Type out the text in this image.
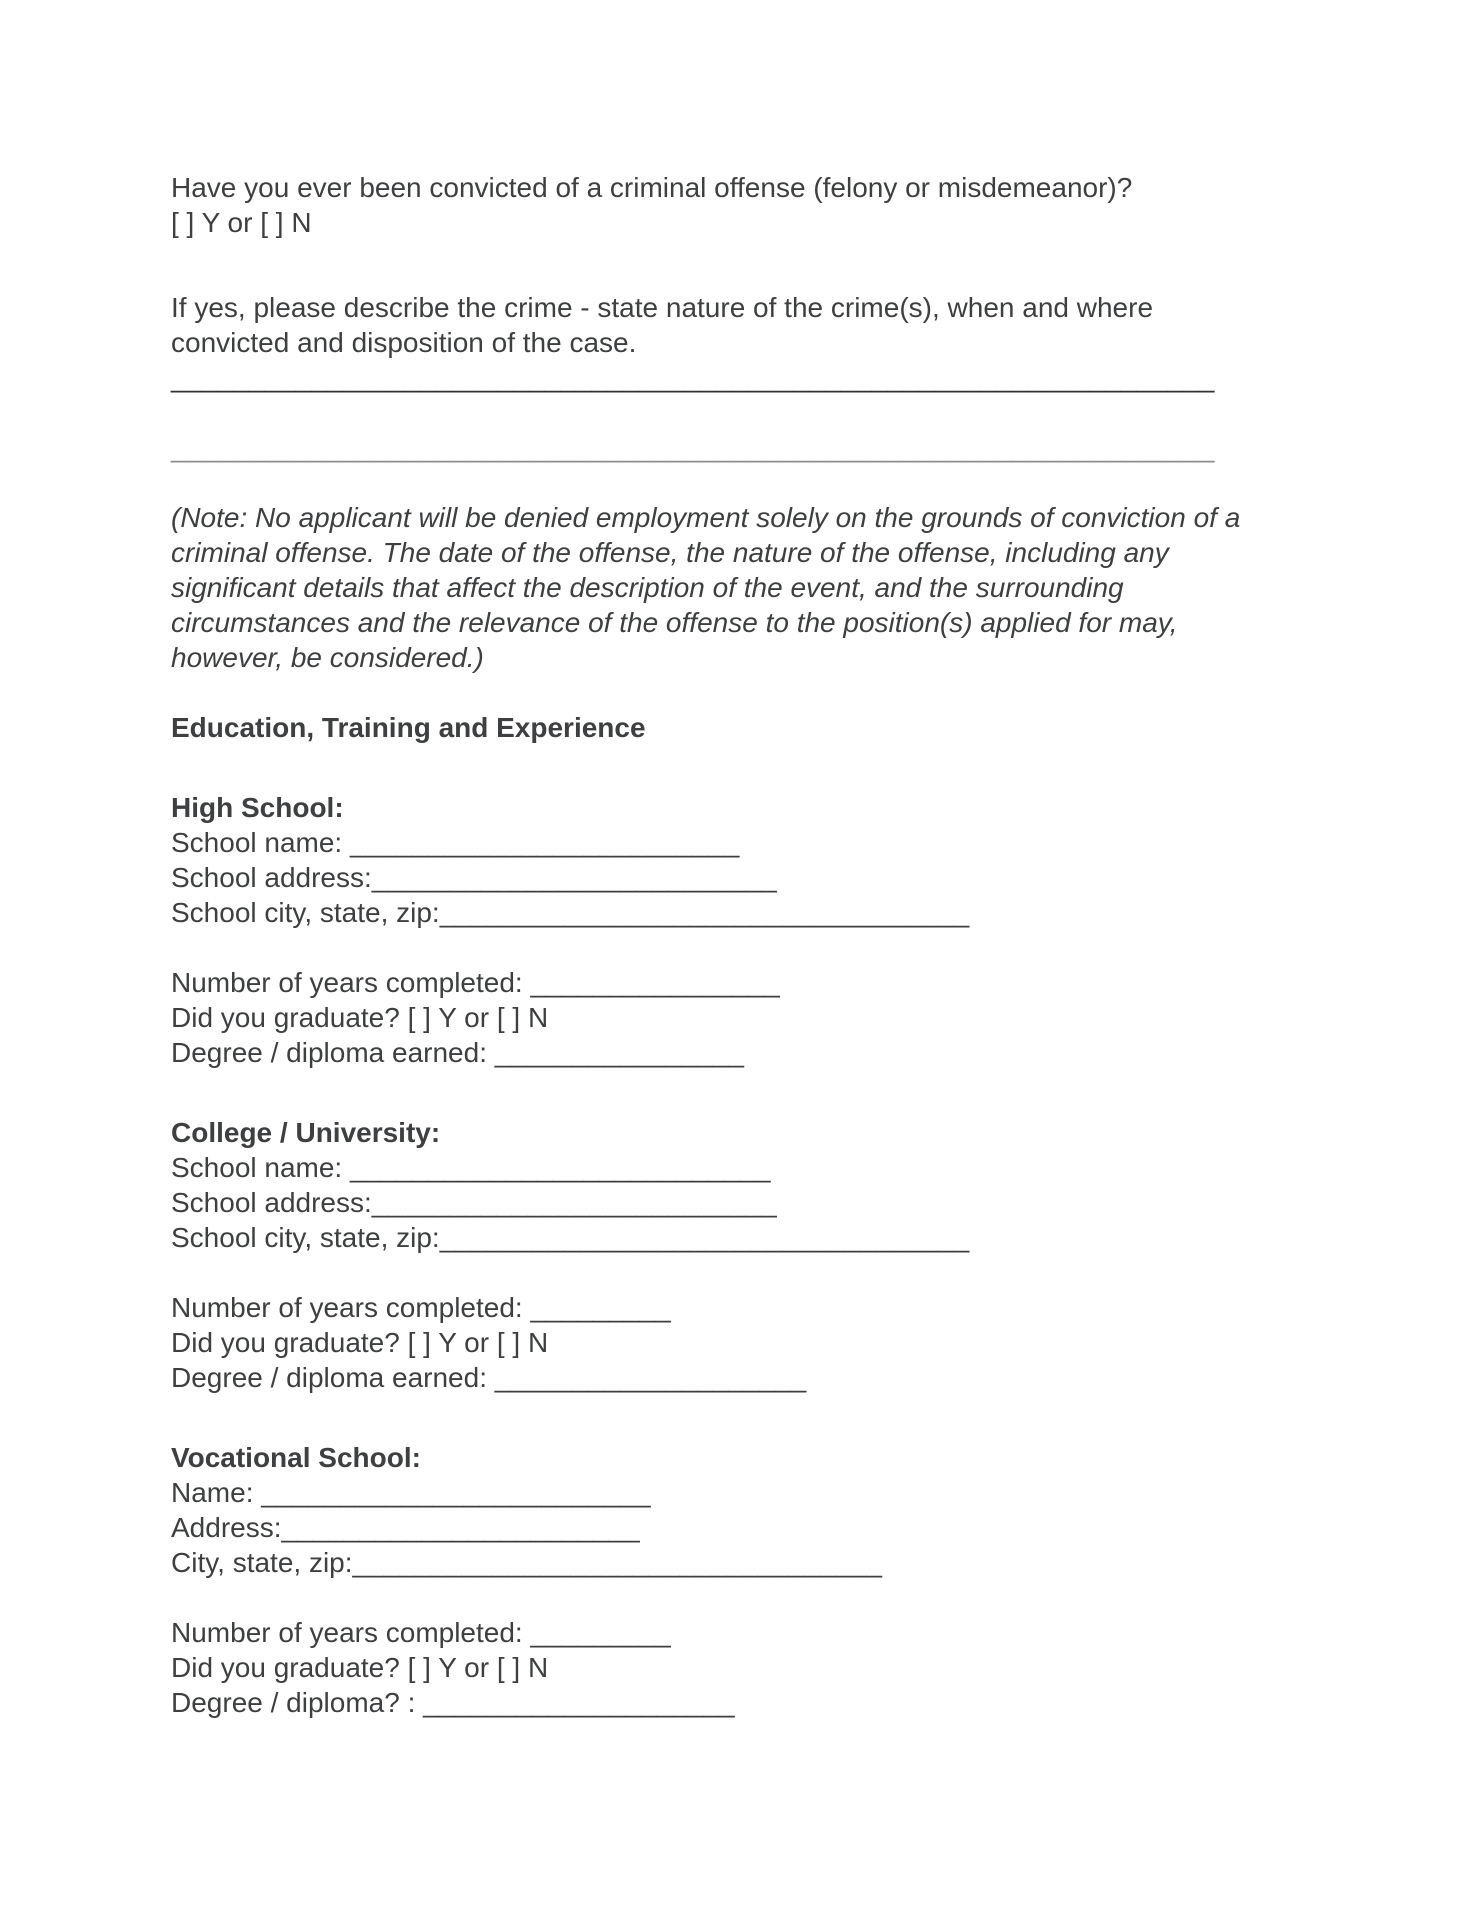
Have you ever been convicted of a criminal offense (felony or misdemeanor)?
[ ] Y or [ ] N
If yes, please describe the crime - state nature of the crime(s), when and where
convicted and disposition of the case.
___________________________________________________________________
___________________________________________________________________
(Note: No applicant will be denied employment solely on the grounds of conviction of a
criminal offense. The date of the offense, the nature of the offense, including any
significant details that affect the description of the event, and the surrounding
circumstances and the relevance of the offense to the position(s) applied for may,
however, be considered.)
Education, Training and Experience
High School:
School name: _________________________
School address:__________________________
School city, state, zip:__________________________________
Number of years completed: ________________
Did you graduate? [ ] Y or [ ] N
Degree / diploma earned: ________________
College / University:
School name: ___________________________
School address:__________________________
School city, state, zip:__________________________________
Number of years completed: _________
Did you graduate? [ ] Y or [ ] N
Degree / diploma earned: ____________________
Vocational School:
Name: _________________________
Address:_______________________
City, state, zip:__________________________________
Number of years completed: _________
Did you graduate? [ ] Y or [ ] N
Degree / diploma? : ____________________
